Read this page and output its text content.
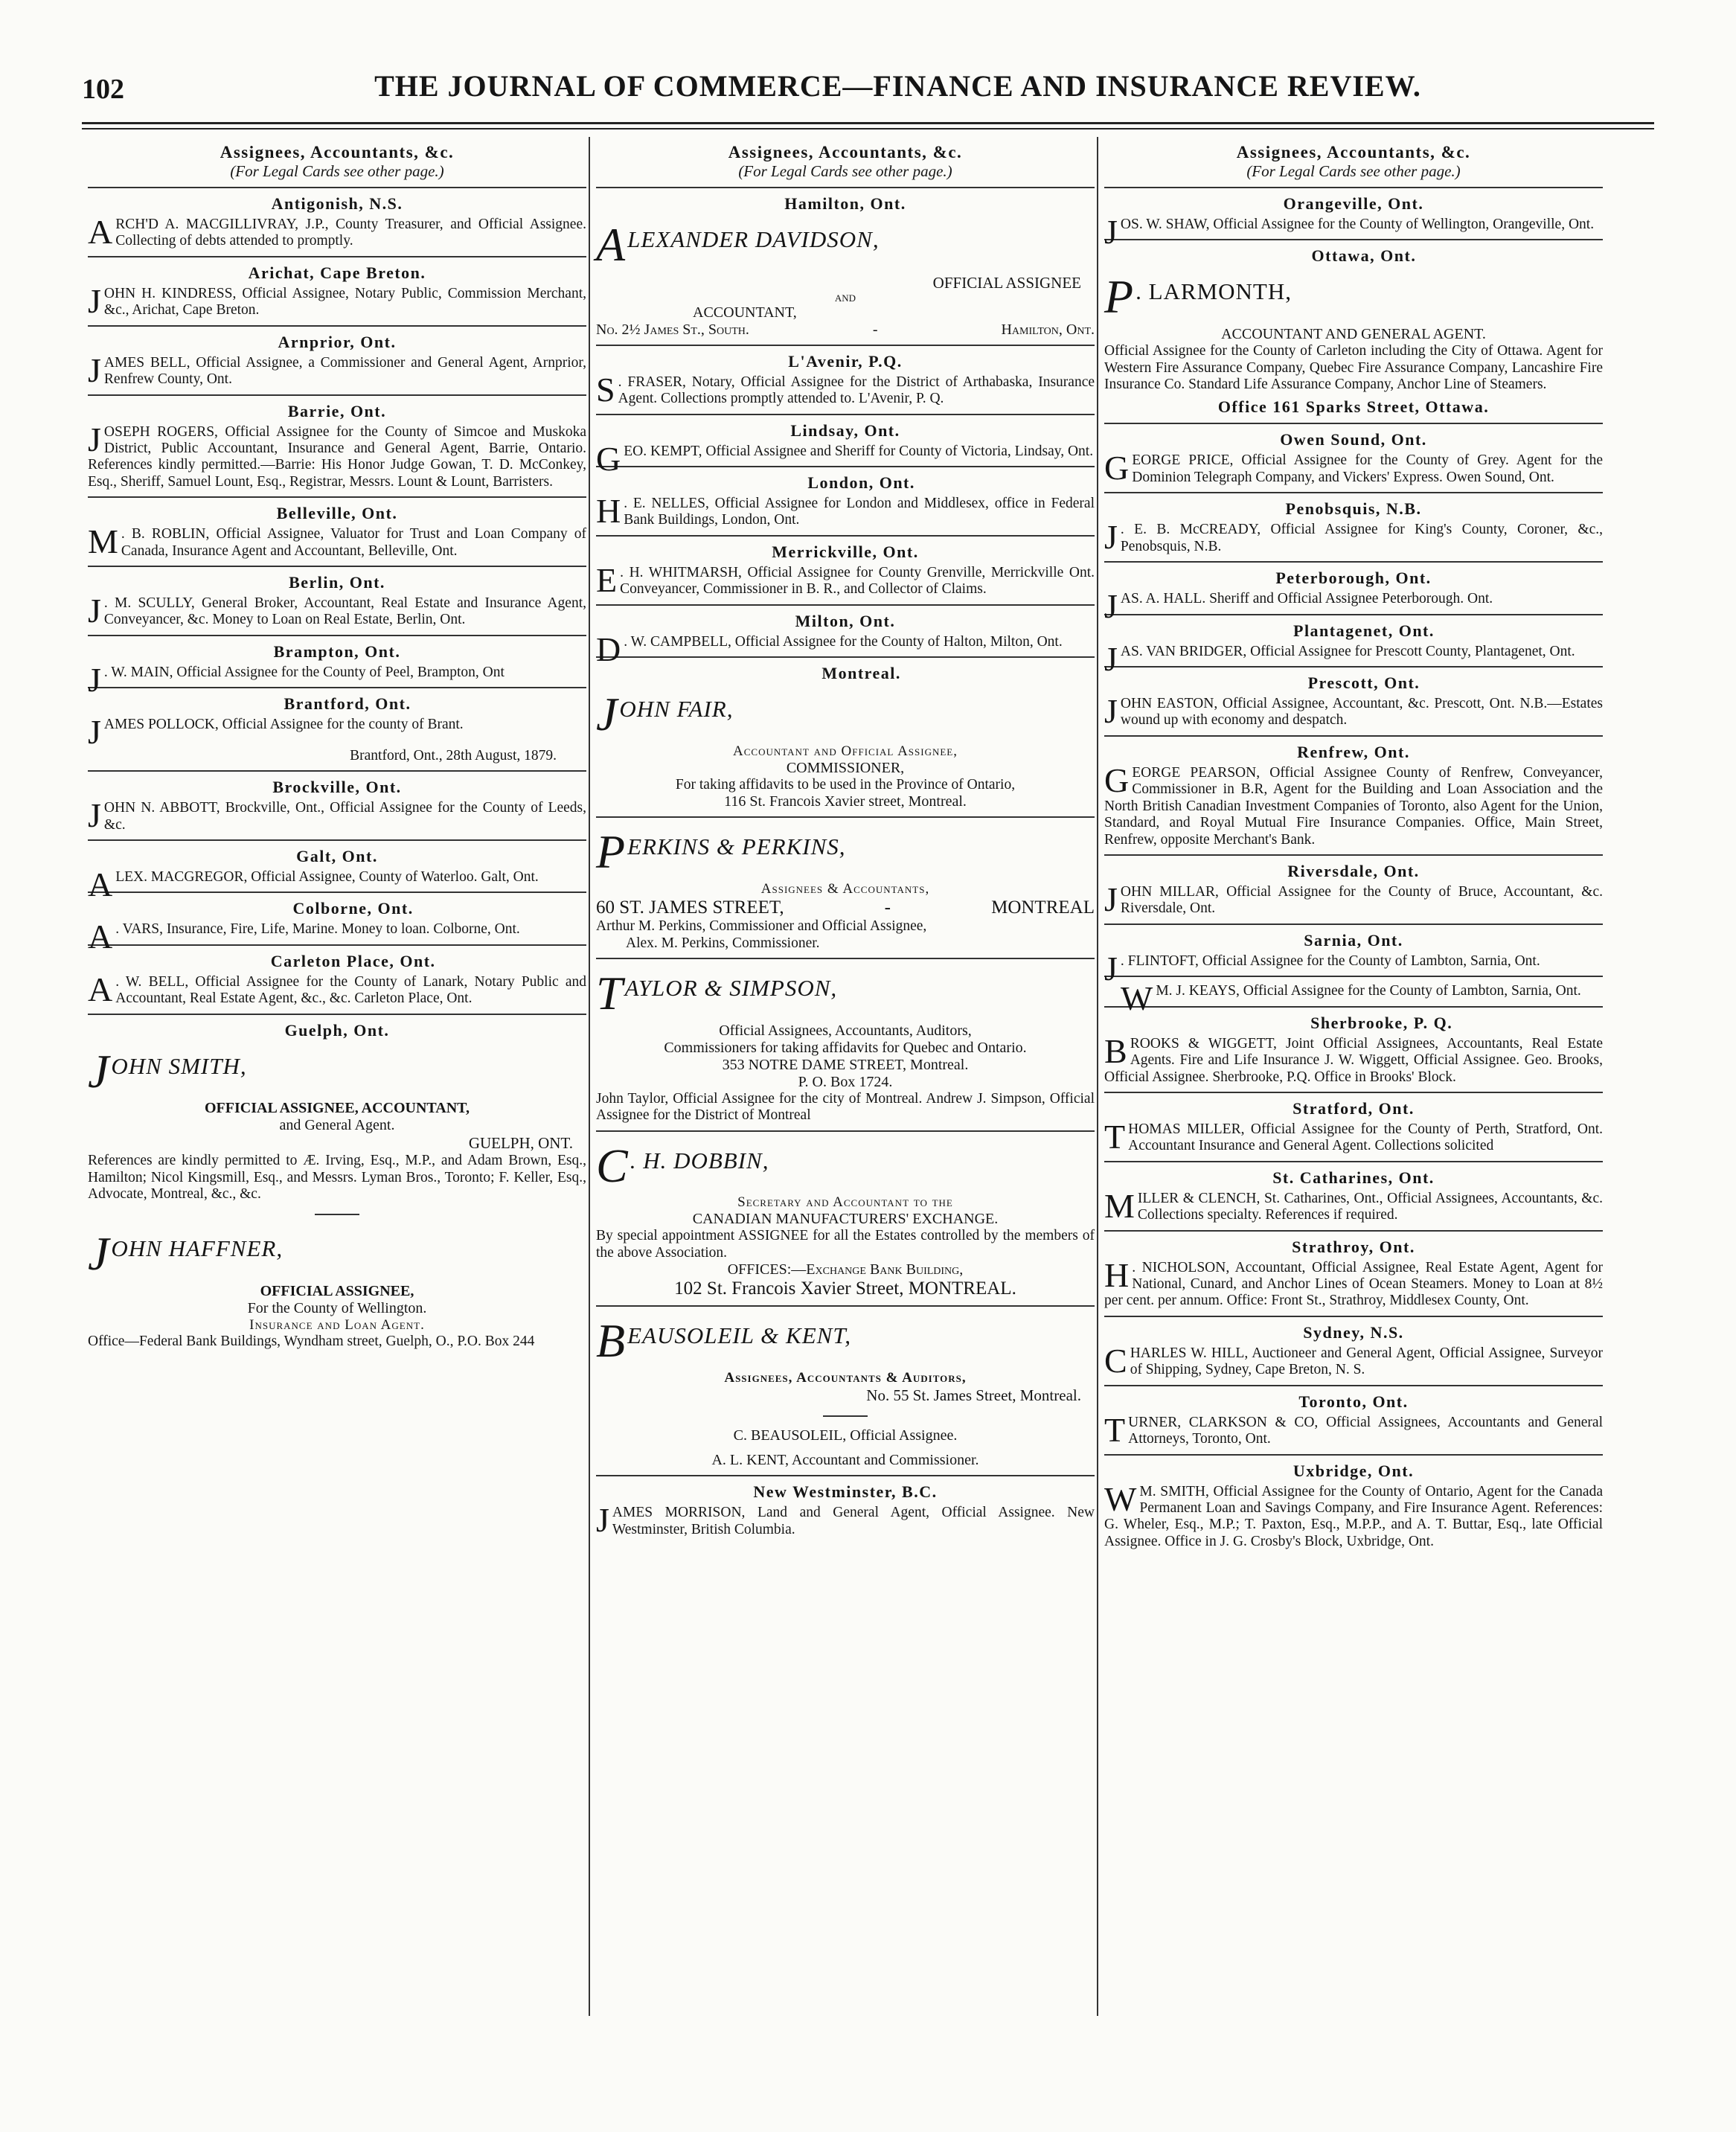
102	THE JOURNAL OF COMMERCE—FINANCE AND INSURANCE REVIEW.
Assignees, Accountants, &c.
(For Legal Cards see other page.)
Antigonish, N.S.
ARCH'D A. MACGILLIVRAY, J.P., County Treasurer, and Official Assignee. Collecting of debts attended to promptly.
Arichat, Cape Breton.
JOHN H. KINDRESS, Official Assignee, Notary Public, Commission Merchant, &c., Arichat, Cape Breton.
Arnprior, Ont.
JAMES BELL, Official Assignee, a Commissioner and General Agent, Arnprior, Renfrew County, Ont.
Barrie, Ont.
JOSEPH ROGERS, Official Assignee for the County of Simcoe and Muskoka District, Public Accountant, Insurance and General Agent, Barrie, Ontario. References kindly permitted.—Barrie: His Honor Judge Gowan, T. D. McConkey, Esq., Sheriff, Samuel Lount, Esq., Registrar, Messrs. Lount & Lount, Barristers.
Belleville, Ont.
M . B. ROBLIN, Official Assignee, Valuator for Trust and Loan Company of Canada, Insurance Agent and Accountant, Belleville, Ont.
Berlin, Ont.
J . M. SCULLY, General Broker, Accountant, Real Estate and Insurance Agent, Conveyancer, &c. Money to Loan on Real Estate, Berlin, Ont.
Brampton, Ont.
J . W. MAIN, Official Assignee for the County of Peel, Brampton, Ont
Brantford, Ont.
JAMES POLLOCK, Official Assignee for the county of Brant.
Brantford, Ont., 28th August, 1879.
Brockville, Ont.
JOHN N. ABBOTT, Brockville, Ont., Official Assignee for the County of Leeds, &c.
Galt, Ont.
ALEX. MACGREGOR, Official Assignee, County of Waterloo. Galt, Ont.
Colborne, Ont.
A . VARS, Insurance, Fire, Life, Marine. Money to loan. Colborne, Ont.
Carleton Place, Ont.
A . W. BELL, Official Assignee for the County of Lanark, Notary Public and Accountant, Real Estate Agent, &c., &c. Carleton Place, Ont.
Guelph, Ont.
JOHN SMITH,
OFFICIAL ASSIGNEE, ACCOUNTANT,
and General Agent.
GUELPH, ONT.
References are kindly permitted to Æ. Irving, Esq., M.P., and Adam Brown, Esq., Hamilton; Nicol Kingsmill, Esq., and Messrs. Lyman Bros., Toronto; F. Keller, Esq., Advocate, Montreal, &c., &c.
JOHN HAFFNER,
OFFICIAL ASSIGNEE,
For the County of Wellington.
Insurance and Loan Agent.
Office—Federal Bank Buildings, Wyndham street, Guelph, O., P.O. Box 244
Assignees, Accountants, &c.
(For Legal Cards see other page.)
Hamilton, Ont.
ALEXANDER DAVIDSON,
OFFICIAL ASSIGNEE
AND
ACCOUNTANT,
No. 2½ James St., South.	-	Hamilton, Ont.
L'Avenir, P.Q.
S . FRASER, Notary, Official Assignee for the District of Arthabaska, Insurance Agent. Collections promptly attended to. L'Avenir, P. Q.
Lindsay, Ont.
GEO. KEMPT, Official Assignee and Sheriff for County of Victoria, Lindsay, Ont.
London, Ont.
H . E. NELLES, Official Assignee for London and Middlesex, office in Federal Bank Buildings, London, Ont.
Merrickville, Ont.
E . H. WHITMARSH, Official Assignee for County Grenville, Merrickville Ont. Conveyancer, Commissioner in B. R., and Collector of Claims.
Milton, Ont.
D . W. CAMPBELL, Official Assignee for the County of Halton, Milton, Ont.
Montreal.
JOHN FAIR,
Accountant and Official Assignee,
COMMISSIONER,
For taking affidavits to be used in the Province of Ontario,
116 St. Francois Xavier street, Montreal.
PERKINS & PERKINS,
Assignees & Accountants,
60 ST. JAMES STREET,	-	MONTREAL
Arthur M. Perkins, Commissioner and Official Assignee,
Alex. M. Perkins, Commissioner.
TAYLOR & SIMPSON,
Official Assignees, Accountants, Auditors,
Commissioners for taking affidavits for Quebec and Ontario.
353 NOTRE DAME STREET, Montreal.
P. O. Box 1724.
John Taylor, Official Assignee for the city of Montreal. Andrew J. Simpson, Official Assignee for the District of Montreal
C. H. DOBBIN,
Secretary and Accountant to the
CANADIAN MANUFACTURERS' EXCHANGE.
By special appointment ASSIGNEE for all the Estates controlled by the members of the above Association.
OFFICES:—Exchange Bank Building,
102 St. Francois Xavier Street, MONTREAL.
BEAUSOLEIL & KENT,
Assignees, Accountants & Auditors,
No. 55 St. James Street, Montreal.
C. BEAUSOLEIL, Official Assignee.
A. L. KENT, Accountant and Commissioner.
New Westminster, B.C.
JAMES MORRISON, Land and General Agent, Official Assignee. New Westminster, British Columbia.
Assignees, Accountants, &c.
(For Legal Cards see other page.)
Orangeville, Ont.
JOS. W. SHAW, Official Assignee for the County of Wellington, Orangeville, Ont.
Ottawa, Ont.
P. LARMONTH,
ACCOUNTANT AND GENERAL AGENT.
Official Assignee for the County of Carleton including the City of Ottawa. Agent for Western Fire Assurance Company, Quebec Fire Assurance Company, Lancashire Fire Insurance Co. Standard Life Assurance Company, Anchor Line of Steamers.
Office 161 Sparks Street, Ottawa.
Owen Sound, Ont.
GEORGE PRICE, Official Assignee for the County of Grey. Agent for the Dominion Telegraph Company, and Vickers' Express. Owen Sound, Ont.
Penobsquis, N.B.
J . E. B. McCREADY, Official Assignee for King's County, Coroner, &c., Penobsquis, N.B.
Peterborough, Ont.
JAS. A. HALL. Sheriff and Official Assignee Peterborough. Ont.
Plantagenet, Ont.
JAS. VAN BRIDGER, Official Assignee for Prescott County, Plantagenet, Ont.
Prescott, Ont.
JOHN EASTON, Official Assignee, Accountant, &c. Prescott, Ont. N.B.—Estates wound up with economy and despatch.
Renfrew, Ont.
GEORGE PEARSON, Official Assignee County of Renfrew, Conveyancer, Commissioner in B.R, Agent for the Building and Loan Association and the North British Canadian Investment Companies of Toronto, also Agent for the Union, Standard, and Royal Mutual Fire Insurance Companies. Office, Main Street, Renfrew, opposite Merchant's Bank.
Riversdale, Ont.
JOHN MILLAR, Official Assignee for the County of Bruce, Accountant, &c. Riversdale, Ont.
Sarnia, Ont.
J . FLINTOFT, Official Assignee for the County of Lambton, Sarnia, Ont.
W M. J. KEAYS, Official Assignee for the County of Lambton, Sarnia, Ont.
Sherbrooke, P. Q.
BROOKS & WIGGETT, Joint Official Assignees, Accountants, Real Estate Agents. Fire and Life Insurance J. W. Wiggett, Official Assignee. Geo. Brooks, Official Assignee. Sherbrooke, P.Q. Office in Brooks' Block.
Stratford, Ont.
THOMAS MILLER, Official Assignee for the County of Perth, Stratford, Ont. Accountant Insurance and General Agent. Collections solicited
St. Catharines, Ont.
MILLER & CLENCH, St. Catharines, Ont., Official Assignees, Accountants, &c. Collections specialty. References if required.
Strathroy, Ont.
H . NICHOLSON, Accountant, Official Assignee, Real Estate Agent, Agent for National, Cunard, and Anchor Lines of Ocean Steamers. Money to Loan at 8½ per cent. per annum. Office: Front St., Strathroy, Middlesex County, Ont.
Sydney, N.S.
CHARLES W. HILL, Auctioneer and General Agent, Official Assignee, Surveyor of Shipping, Sydney, Cape Breton, N. S.
Toronto, Ont.
TURNER, CLARKSON & CO, Official Assignees, Accountants and General Attorneys, Toronto, Ont.
Uxbridge, Ont.
W M. SMITH, Official Assignee for the County of Ontario, Agent for the Canada Permanent Loan and Savings Company, and Fire Insurance Agent. References: G. Wheler, Esq., M.P.; T. Paxton, Esq., M.P.P., and A. T. Buttar, Esq., late Official Assignee. Office in J. G. Crosby's Block, Uxbridge, Ont.
